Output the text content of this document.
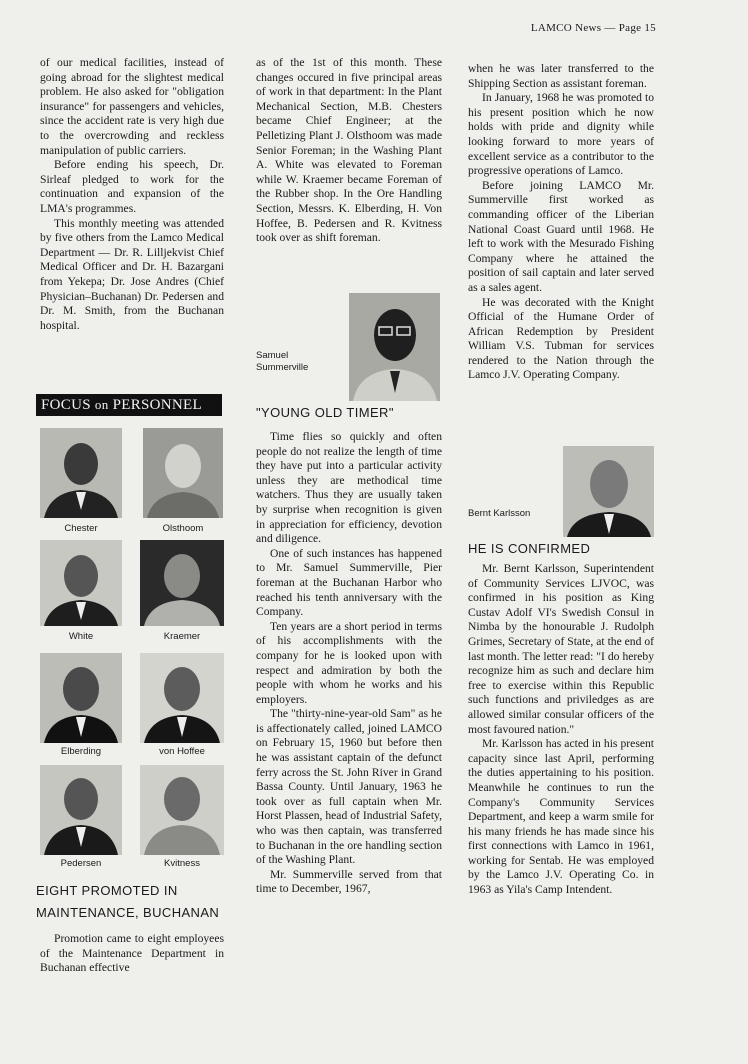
LAMCO News — Page 15

of our medical facilities, instead of going abroad for the slightest medical problem. He also asked for "obligation insurance" for passengers and vehicles, since the accident rate is very high due to the overcrowding and reckless manipulation of public carriers.

Before ending his speech, Dr. Sirleaf pledged to work for the continuation and expansion of the LMA's programmes.

This monthly meeting was attended by five others from the Lamco Medical Department — Dr. R. Lilljekvist Chief Medical Officer and Dr. H. Bazargani from Yekepa; Dr. Jose Andres (Chief Physician–Buchanan) Dr. Pedersen and Dr. M. Smith, from the Buchanan hospital.

FOCUS on PERSONNEL
Chester	Olsthoom
White	Kraemer
Elberding	von Hoffee
Pedersen	Kvitness
EIGHT PROMOTED IN
MAINTENANCE, BUCHANAN

Promotion came to eight employees of the Maintenance Department in Buchanan effective

as of the 1st of this month. These changes occured in five principal areas of work in that department: In the Plant Mechanical Section, M.B. Chesters became Chief Engineer; at the Pelletizing Plant J. Olsthoom was made Senior Foreman; in the Washing Plant A. White was elevated to Foreman while W. Kraemer became Foreman of the Rubber shop. In the Ore Handling Section, Messrs. K. Elberding, H. Von Hoffee, B. Pedersen and R. Kvitness took over as shift foreman.

Samuel
Summerville
"YOUNG OLD TIMER"

Time flies so quickly and often people do not realize the length of time they have put into a particular activity unless they are methodical time watchers. Thus they are usually taken by surprise when recognition is given in appreciation for efficiency, devotion and diligence.

One of such instances has happened to Mr. Samuel Summerville, Pier foreman at the Buchanan Harbor who reached his tenth anniversary with the Company.

Ten years are a short period in terms of his accomplishments with the company for he is looked upon with respect and admiration by both the people with whom he works and his employers.

The "thirty-nine-year-old Sam" as he is affectionately called, joined LAMCO on February 15, 1960 but before then he was assistant captain of the defunct ferry across the St. John River in Grand Bassa County. Until January, 1963 he took over as full captain when Mr. Horst Plassen, head of Industrial Safety, who was then captain, was transferred to Buchanan in the ore handling section of the Washing Plant.

Mr. Summerville served from that time to December, 1967,

when he was later transferred to the Shipping Section as assistant foreman.

In January, 1968 he was promoted to his present position which he now holds with pride and dignity while looking forward to more years of excellent service as a contributor to the progressive operations of Lamco.

Before joining LAMCO Mr. Summerville first worked as commanding officer of the Liberian National Coast Guard until 1968. He left to work with the Mesurado Fishing Company where he attained the position of sail captain and later served as a sales agent.

He was decorated with the Knight Official of the Humane Order of African Redemption by President William V.S. Tubman for services rendered to the Nation through the Lamco J.V. Operating Company.

Bernt Karlsson
HE IS CONFIRMED

Mr. Bernt Karlsson, Superintendent of Community Services LJVOC, was confirmed in his position as King Custav Adolf VI's Swedish Consul in Nimba by the honourable J. Rudolph Grimes, Secretary of State, at the end of last month. The letter read: "I do hereby recognize him as such and declare him free to exercise within this Republic such functions and priviledges as are allowed similar consular officers of the most favoured nation."

Mr. Karlsson has acted in his present capacity since last April, performing the duties appertaining to his position. Meanwhile he continues to run the Company's Community Services Department, and keep a warm smile for his many friends he has made since his first connections with Lamco in 1961, working for Sentab. He was employed by the Lamco J.V. Operating Co. in 1963 as Yila's Camp Intendent.
